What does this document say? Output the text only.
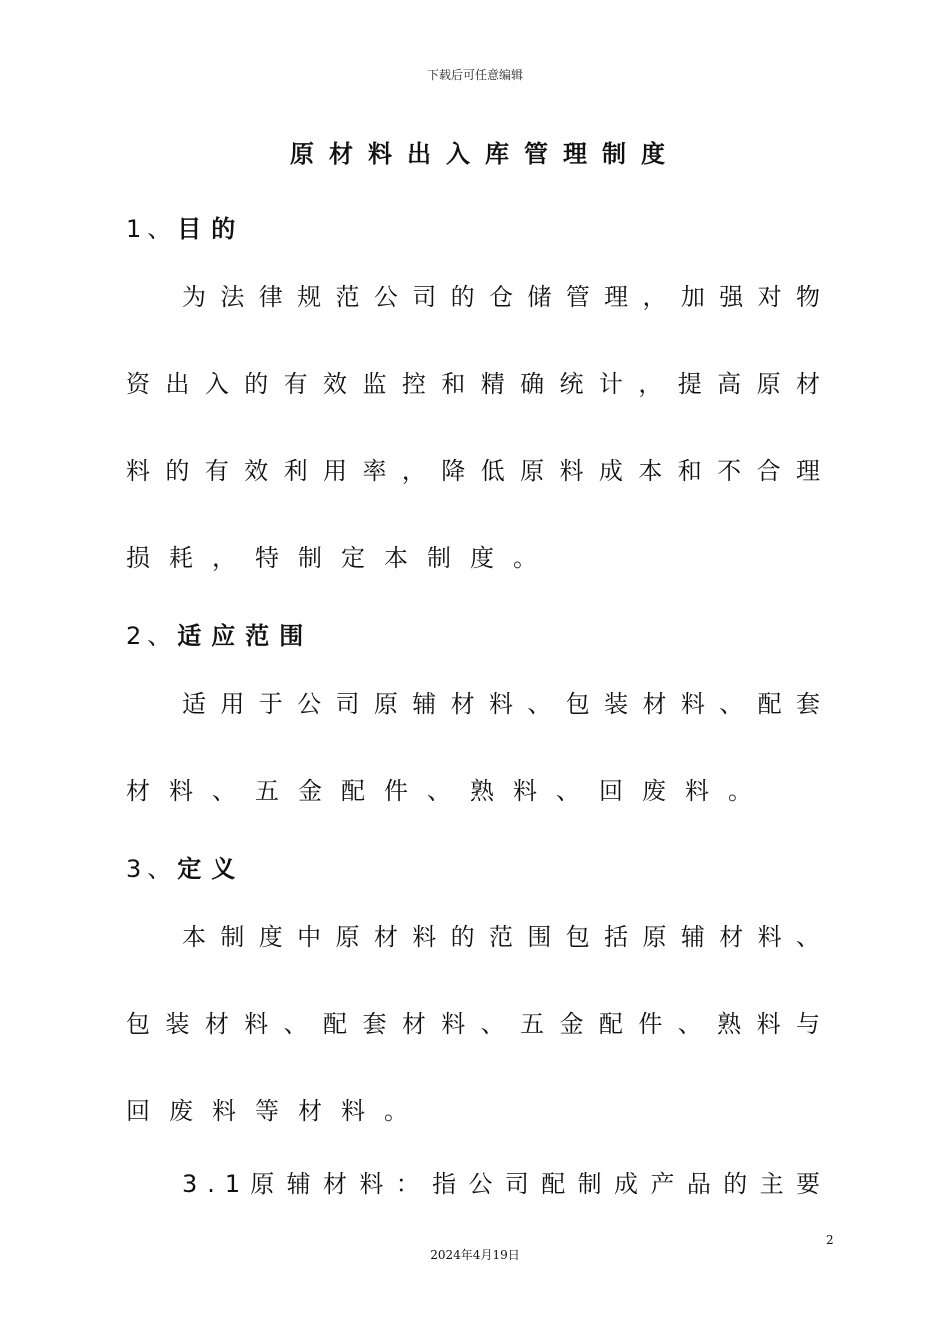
下载后可任意编辑
原材料出入库管理制度
1、目的
为 法 律 规 范 公 司 的 仓 储 管 理 ， 加 强 对 物
资 出 入 的 有 效 监 控 和 精 确 统 计 ， 提 高 原 材
料 的 有 效 利 用 率 ， 降 低 原 料 成 本 和 不 合 理
损耗，特制定本制度。
2、适应范围
适 用 于 公 司 原 辅 材 料 、 包 装 材 料 、 配 套
材料、五金配件、熟料、回废料。
3、定义
本 制 度 中 原 材 料 的 范 围 包 括 原 辅 材 料 、
包 装 材 料 、 配 套 材 料 、 五 金 配 件 、 熟 料 与
回废料等材料。
3 . 1 原 辅 材 料 ： 指 公 司 配 制 成 产 品 的 主 要
2
2024年4月19日
